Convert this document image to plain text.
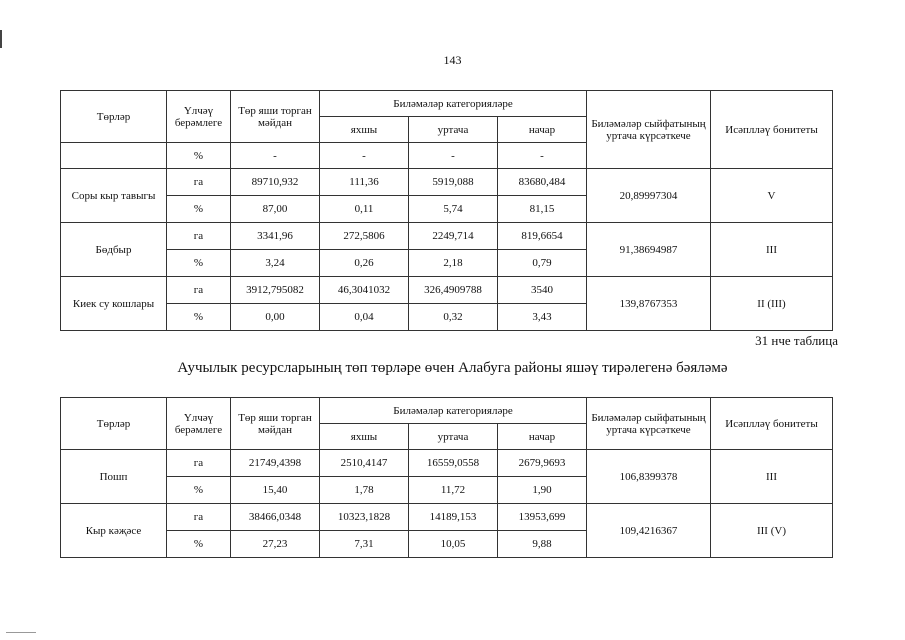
143
Төрләр	Үлчәү берәмлеге	Төр яши торган мәйдан	Биләмәләр категорияләре			Биләмәләр сыйфатының уртача күрсәткече	Исәплләү бонитеты
			яхшы	уртача	начар		
	%	-	-	-	-		
Соры кыр тавыгы	га	89710,932	111,36	5919,088	83680,484	20,89997304	V
	%	87,00	0,11	5,74	81,15		
Бөдбыр	га	3341,96	272,5806	2249,714	819,6654	91,38694987	III
	%	3,24	0,26	2,18	0,79		
Киек су кошлары	га	3912,795082	46,3041032	326,4909788	3540	139,8767353	II (III)
	%	0,00	0,04	0,32	3,43		
31 нче таблица
Аучылык ресурсларының төп төрләре өчен Алабуга районы яшәү тирәлегенә бәяләмә
Төрләр	Үлчәү берәмлеге	Төр яши торган мәйдан	Биләмәләр категорияләре			Биләмәләр сыйфатының уртача күрсәткече	Исәплләү бонитеты
			яхшы	уртача	начар		
Пошп	га	21749,4398	2510,4147	16559,0558	2679,9693	106,8399378	III
	%	15,40	1,78	11,72	1,90		
Кыр кәҗәсе	га	38466,0348	10323,1828	14189,153	13953,699	109,4216367	III (V)
	%	27,23	7,31	10,05	9,88		
